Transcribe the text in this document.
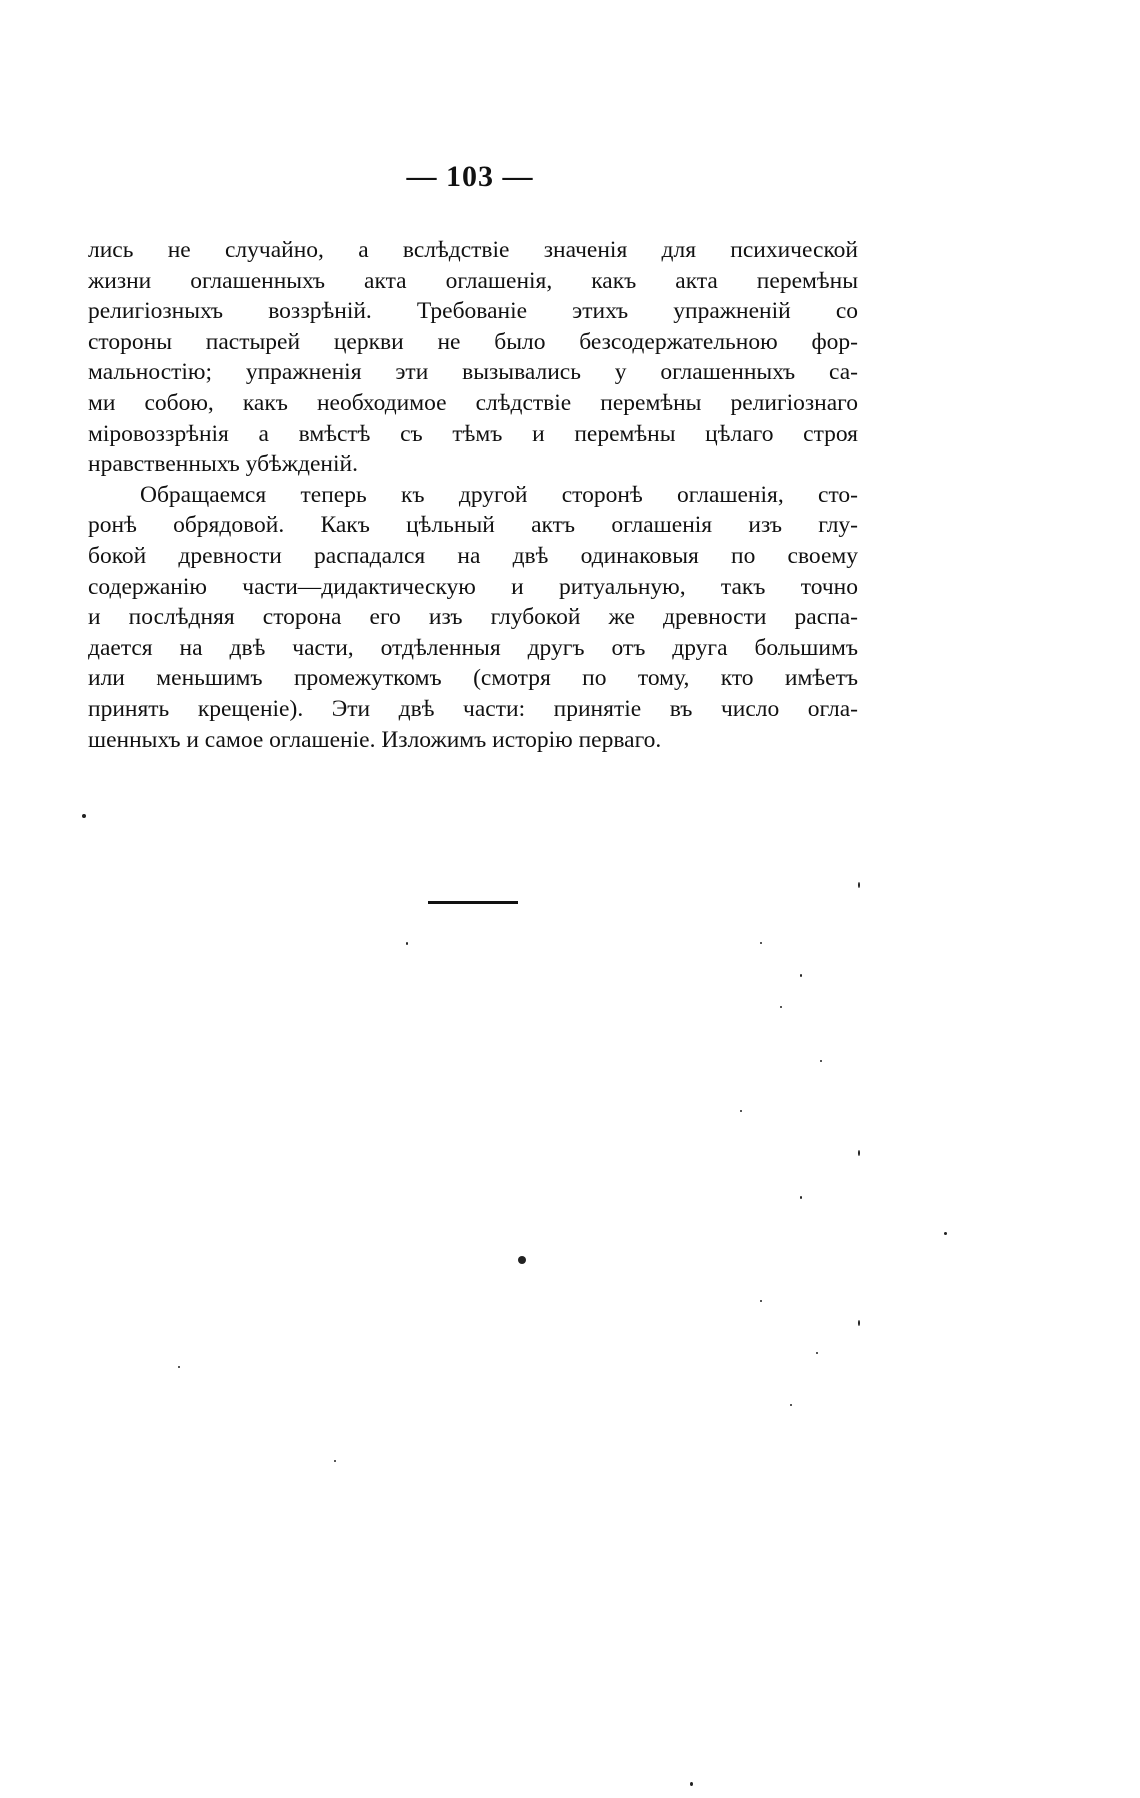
— 103 —
лись не случайно, а вслѣдствіе значенія для психической
жизни оглашенныхъ акта оглашенія, какъ акта перемѣны
религіозныхъ воззрѣній. Требованіе этихъ упражненій со
стороны пастырей церкви не было безсодержательною фор-
мальностію; упражненія эти вызывались у оглашенныхъ са-
ми собою, какъ необходимое слѣдствіе перемѣны религіознаго
міровоззрѣнія а вмѣстѣ съ тѣмъ и перемѣны цѣлаго строя
нравственныхъ убѣжденій.
Обращаемся теперь къ другой сторонѣ оглашенія, сто-
ронѣ обрядовой. Какъ цѣльный актъ оглашенія изъ глу-
бокой древности распадался на двѣ одинаковыя по своему
содержанію части—дидактическую и ритуальную, такъ точно
и послѣдняя сторона его изъ глубокой же древности распа-
дается на двѣ части, отдѣленныя другъ отъ друга большимъ
или меньшимъ промежуткомъ (смотря по тому, кто имѣетъ
принять крещеніе). Эти двѣ части: принятіе въ число огла-
шенныхъ и самое оглашеніе. Изложимъ исторію перваго.
